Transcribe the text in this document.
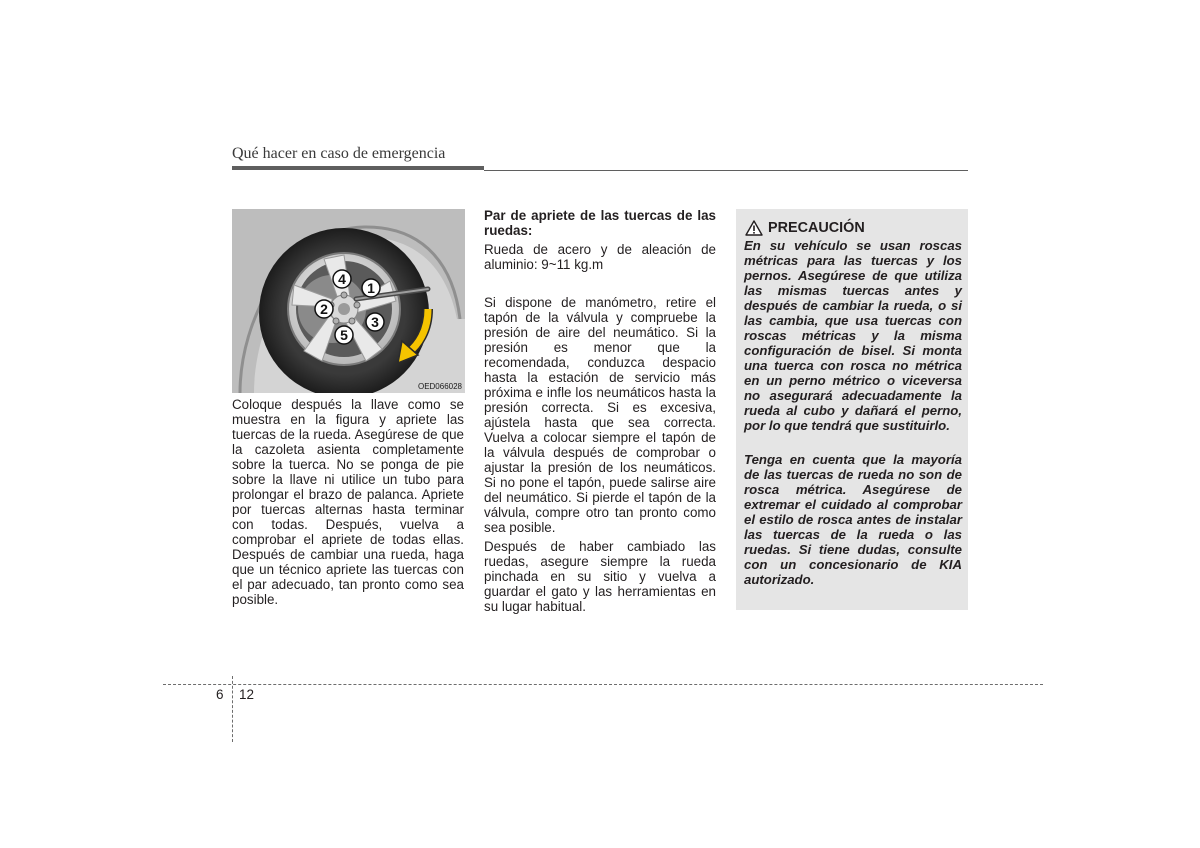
Qué hacer en caso de emergencia
1
2
3
4
5
OED066028

Coloque después la llave como se muestra en la figura y apriete las tuercas de la rueda. Asegúrese de que la cazoleta asienta completamente sobre la tuerca. No se ponga de pie sobre la llave ni utilice un tubo para prolongar el brazo de palanca. Apriete por tuercas alternas hasta terminar con todas. Después, vuelva a comprobar el apriete de todas ellas. Después de cambiar una rueda, haga que un técnico apriete las tuercas con el par adecuado, tan pronto como sea posible.

Par de apriete de las tuercas de las ruedas:

Rueda de acero y de aleación de aluminio: 9~11 kg.m

Si dispone de manómetro, retire el tapón de la válvula y compruebe la presión de aire del neumático. Si la presión es menor que la recomendada, conduzca despacio hasta la estación de servicio más próxima e infle los neumáticos hasta la presión correcta. Si es excesiva, ajústela hasta que sea correcta. Vuelva a colocar siempre el tapón de la válvula después de comprobar o ajustar la presión de los neumáticos. Si no pone el tapón, puede salirse aire del neumático. Si pierde el tapón de la válvula, compre otro tan pronto como sea posible.

Después de haber cambiado las ruedas, asegure siempre la rueda pinchada en su sitio y vuelva a guardar el gato y las herramientas en su lugar habitual.

PRECAUCIÓN

En su vehículo se usan roscas métricas para las tuercas y los pernos. Asegúrese de que utiliza las mismas tuercas antes y después de cambiar la rueda, o si las cambia, que usa tuercas con roscas métricas y la misma configuración de bisel. Si monta una tuerca con rosca no métrica en un perno métrico o viceversa no asegurará adecuadamente la rueda al cubo y dañará el perno, por lo que tendrá que sustituirlo.

Tenga en cuenta que la mayoría de las tuercas de rueda no son de rosca métrica. Asegúrese de extremar el cuidado al comprobar el estilo de rosca antes de instalar las tuercas de la rueda o las ruedas. Si tiene dudas, consulte con un concesionario de KIA autorizado.

6 12
